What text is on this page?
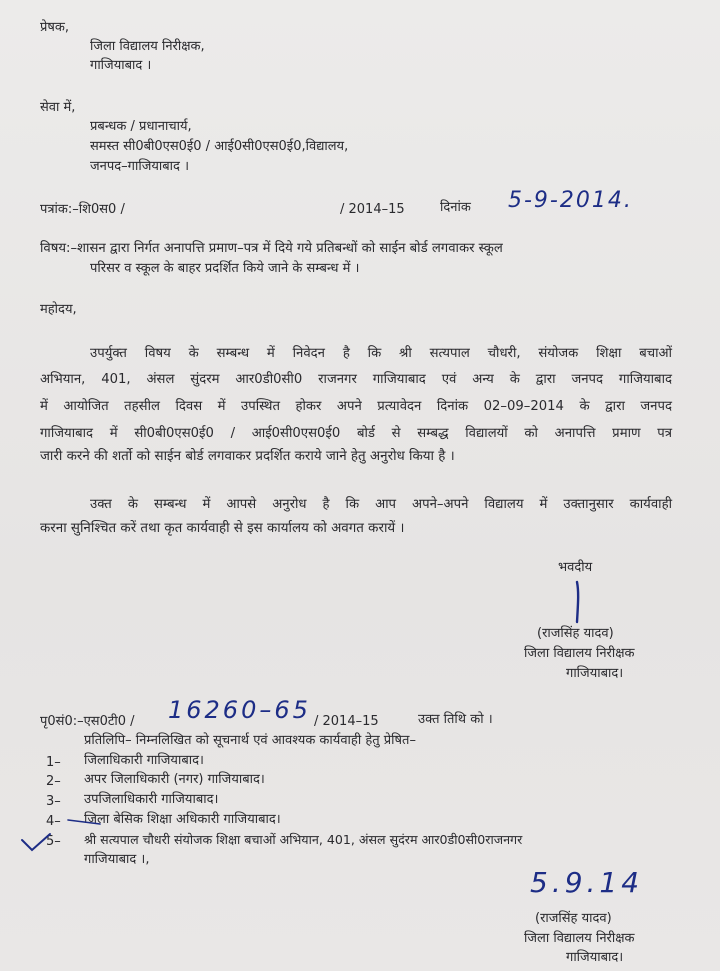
प्रेषक,
जिला विद्यालय निरीक्षक,
गाजियाबाद ।
सेवा में,
प्रबन्धक / प्रधानाचार्य,
समस्त सी0बी0एस0ई0 / आई0सी0एस0ई0,विद्यालय,
जनपद–गाजियाबाद ।
पत्रांक:–शि0स0 /	/ 2014–15	दिनांक 5-9-2014.
विषय:–शासन द्वारा निर्गत अनापत्ति प्रमाण–पत्र में दिये गये प्रतिबन्धों को साईन बोर्ड लगवाकर स्कूल
परिसर व स्कूल के बाहर प्रदर्शित किये जाने के सम्बन्ध में ।
महोदय,
उपर्युक्त विषय के सम्बन्ध में निवेदन है कि श्री सत्यपाल चौधरी, संयोजक शिक्षा बचाओं
अभियान, 401, अंसल सुंदरम आर0डी0सी0 राजनगर गाजियाबाद एवं अन्य के द्वारा जनपद गाजियाबाद
में आयोजित तहसील दिवस में उपस्थित होकर अपने प्रत्यावेदन दिनांक 02–09–2014 के द्वारा जनपद
गाजियाबाद में सी0बी0एस0ई0 / आई0सी0एस0ई0 बोर्ड से सम्बद्ध विद्यालयों को अनापत्ति प्रमाण पत्र
जारी करने की शर्तो को साईन बोर्ड लगवाकर प्रदर्शित कराये जाने हेतु अनुरोध किया है ।
उक्त के सम्बन्ध में आपसे अनुरोध है कि आप अपने–अपने विद्यालय में उक्तानुसार कार्यवाही
करना सुनिश्चित करें तथा कृत कार्यवाही से इस कार्यालय को अवगत करायें ।
भवदीय
(राजसिंह यादव)
जिला विद्यालय निरीक्षक
गाजियाबाद।
पृ0सं0:–एस0टी0 / 16260–65 / 2014–15	उक्त तिथि को ।
प्रतिलिपि– निम्नलिखित को सूचनार्थ एवं आवश्यक कार्यवाही हेतु प्रेषित–
1– जिलाधिकारी गाजियाबाद।
2– अपर जिलाधिकारी (नगर) गाजियाबाद।
3– उपजिलाधिकारी गाजियाबाद।
4– जिला बेसिक शिक्षा अधिकारी गाजियाबाद।
5– श्री सत्यपाल चौधरी संयोजक शिक्षा बचाओं अभियान, 401, अंसल सुदंरम आर0डी0सी0राजनगर
गाजियाबाद ।,
5.9.14
(राजसिंह यादव)
जिला विद्यालय निरीक्षक
गाजियाबाद।
